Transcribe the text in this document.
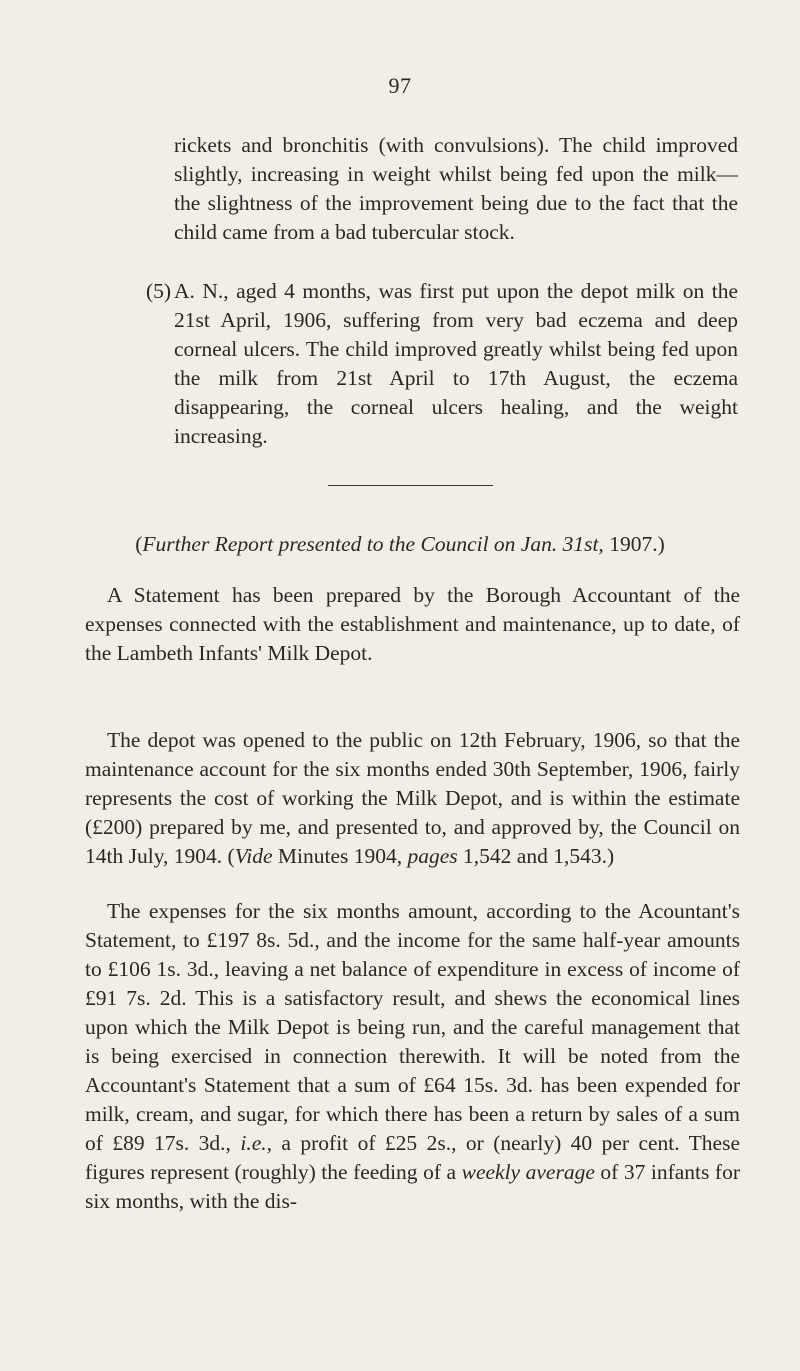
97

rickets and bronchitis (with convulsions). The child improved slightly, increasing in weight whilst being fed upon the milk—the slightness of the improvement being due to the fact that the child came from a bad tubercular stock.

(5) A. N., aged 4 months, was first put upon the depot milk on the 21st April, 1906, suffering from very bad eczema and deep corneal ulcers. The child improved greatly whilst being fed upon the milk from 21st April to 17th August, the eczema disappearing, the corneal ulcers healing, and the weight increasing.

(Further Report presented to the Council on Jan. 31st, 1907.)

A Statement has been prepared by the Borough Accountant of the expenses connected with the establishment and maintenance, up to date, of the Lambeth Infants' Milk Depot.

The depot was opened to the public on 12th February, 1906, so that the maintenance account for the six months ended 30th September, 1906, fairly represents the cost of working the Milk Depot, and is within the estimate (£200) prepared by me, and presented to, and approved by, the Council on 14th July, 1904. (Vide Minutes 1904, pages 1,542 and 1,543.)

The expenses for the six months amount, according to the Acountant's Statement, to £197 8s. 5d., and the income for the same half-year amounts to £106 1s. 3d., leaving a net balance of expenditure in excess of income of £91 7s. 2d. This is a satisfactory result, and shews the economical lines upon which the Milk Depot is being run, and the careful management that is being exercised in connection therewith. It will be noted from the Accountant's Statement that a sum of £64 15s. 3d. has been expended for milk, cream, and sugar, for which there has been a return by sales of a sum of £89 17s. 3d., i.e., a profit of £25 2s., or (nearly) 40 per cent. These figures represent (roughly) the feeding of a weekly average of 37 infants for six months, with the dis-
